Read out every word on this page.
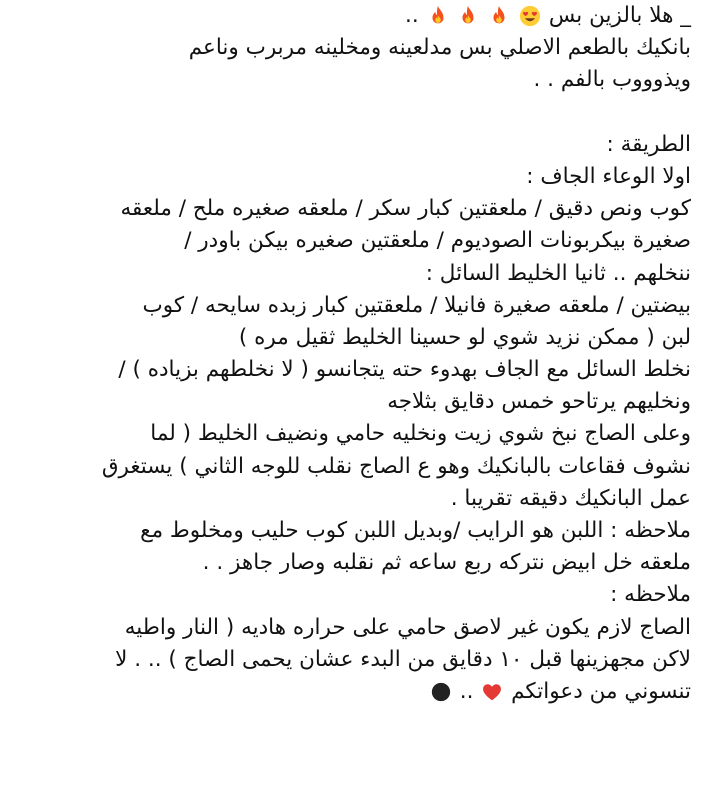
_ هلا بالزين بس

..
بانكيك بالطعم الاصلي بس مدلعينه ومخلينه مربرب وناعم
ويذوووب بالفم . .
الطريقة :
اولا الوعاء الجاف :
كوب ونص دقيق / ملعقتين كبار سكر / ملعقه صغيره ملح / ملعقه
صغيرة بيكربونات الصوديوم / ملعقتين صغيره بيكن باودر /
ننخلهم .. ثانيا الخليط السائل :
بيضتين / ملعقه صغيرة فانيلا / ملعقتين كبار زبده سايحه / كوب
لبن ( ممكن نزيد شوي لو حسينا الخليط ثقيل مره )
نخلط السائل مع الجاف بهدوء حته يتجانسو ( لا نخلطهم بزياده ) /
ونخليهم يرتاحو خمس دقايق بثلاجه
وعلى الصاج نبخ شوي زيت ونخليه حامي ونضيف الخليط ( لما
نشوف فقاعات بالبانكيك وهو ع الصاج نقلب للوجه الثاني ) يستغرق
عمل البانكيك دقيقه تقريبا .
ملاحظه : اللبن هو الرايب /وبديل اللبن كوب حليب ومخلوط مع
ملعقه خل ابيض نتركه ربع ساعه ثم نقلبه وصار جاهز . .
ملاحظه :
الصاج لازم يكون غير لاصق حامي على حراره هاديه ( النار واطيه
لاكن مجهزينها قبل ١٠ دقايق من البدء عشان يحمى الصاج ) .. . لا
تنسوني من دعواتكم
..
